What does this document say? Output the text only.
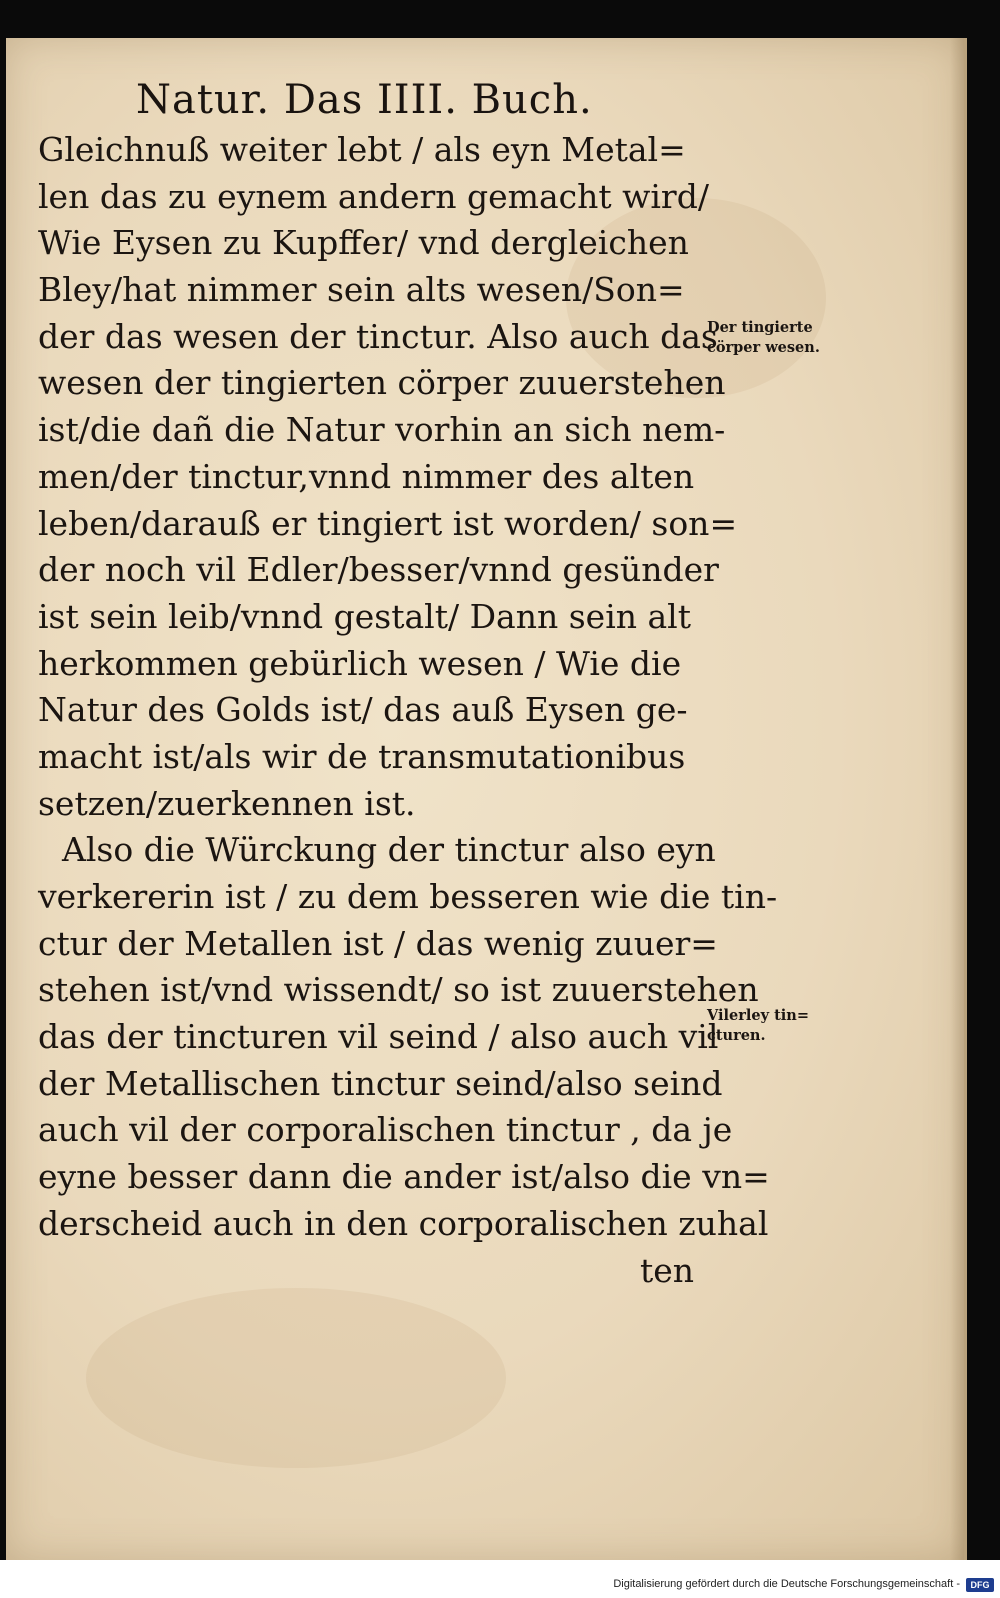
Natur. Das IIII. Buch.
Gleichnuß weiter lebt / als eyn Metal=
len das zu eynem andern gemacht wird/
Wie Eysen zu Kupffer/ vnd dergleichen
Bley/hat nimmer sein alts wesen/Son=
der das wesen der tinctur. Also auch das
wesen der tingierten cörper zuuerstehen
ist/die dañ die Natur vorhin an sich nem-
men/der tinctur,vnnd nimmer des alten
leben/darauß er tingiert ist worden/ son=
der noch vil Edler/besser/vnnd gesünder
ist sein leib/vnnd gestalt/ Dann sein alt
herkommen gebürlich wesen / Wie die
Natur des Golds ist/ das auß Eysen ge-
macht ist/als wir de transmutationibus
setzen/zuerkennen ist.
Also die Würckung der tinctur also eyn
verkererin ist / zu dem besseren wie die tin-
ctur der Metallen ist / das wenig zuuer=
stehen ist/vnd wissendt/ so ist zuuerstehen
das der tincturen vil seind / also auch vil
der Metallischen tinctur seind/also seind
auch vil der corporalischen tinctur , da je
eyne besser dann die ander ist/also die vn=
derscheid auch in den corporalischen zuhal
ten
Der tingierte
cörper wesen.
Vilerley tin=
cturen.
Digitalisierung gefördert durch die Deutsche Forschungsgemeinschaft -	DFG
